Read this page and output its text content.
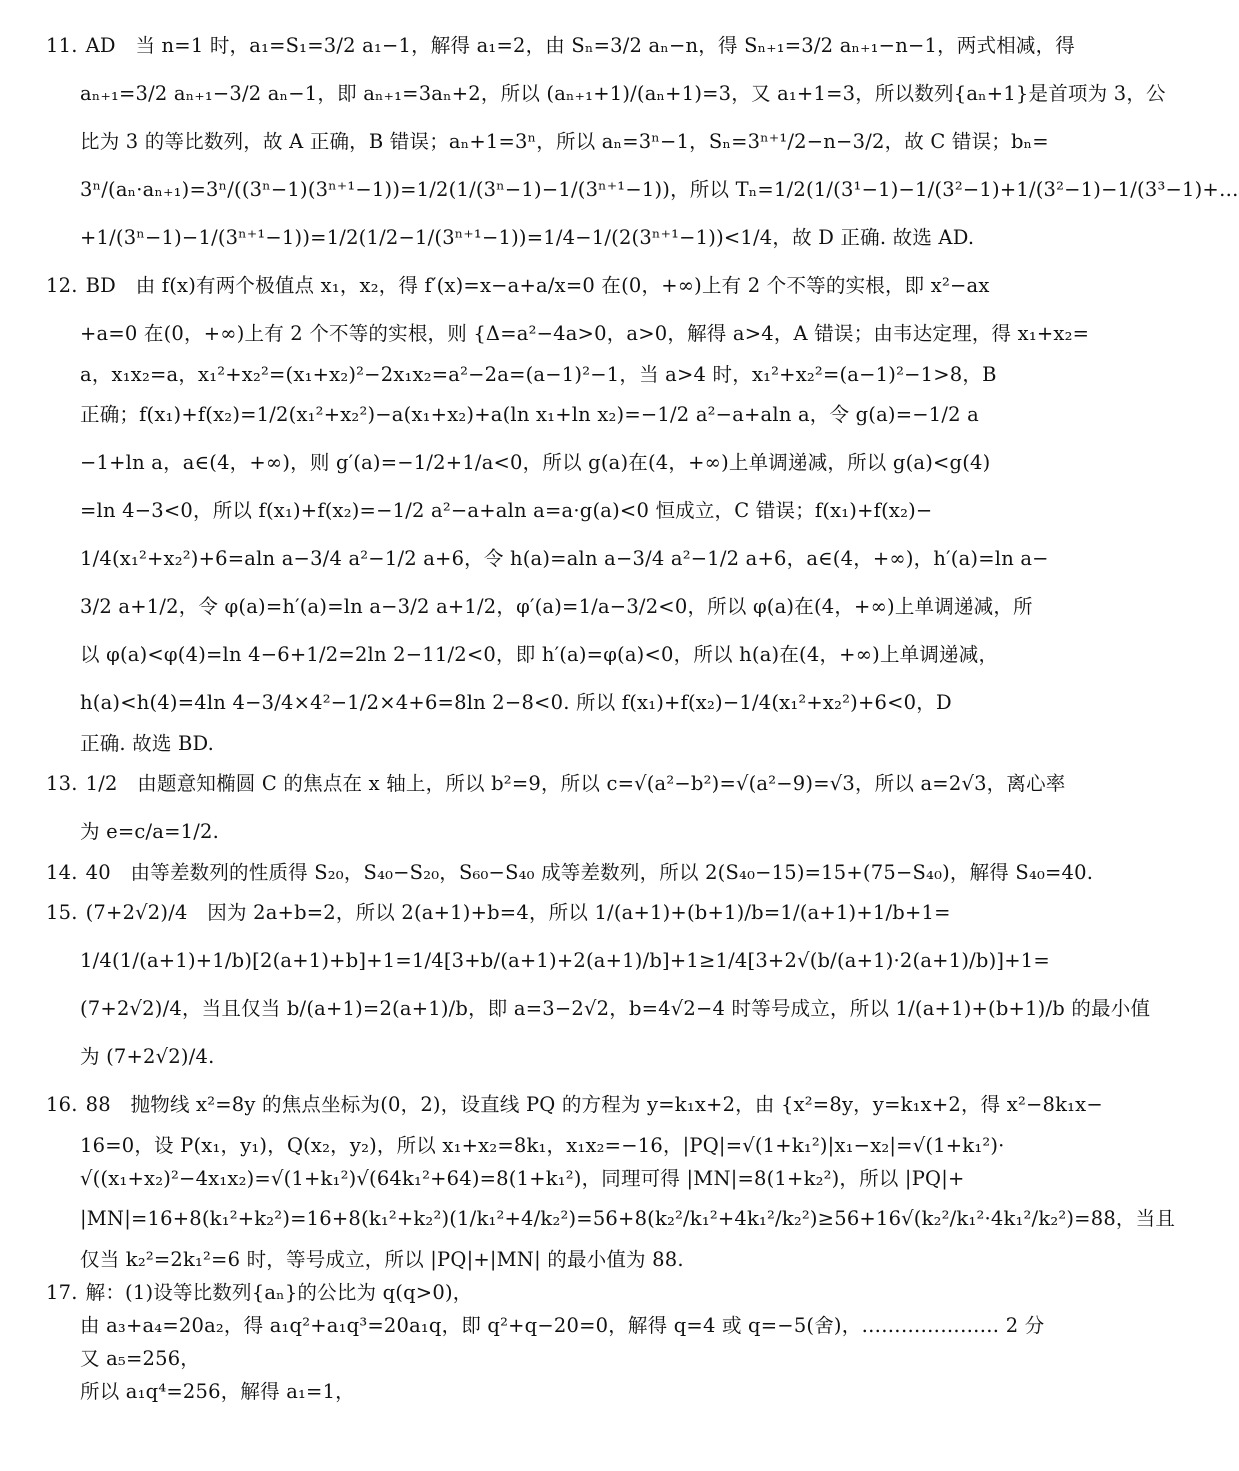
11. AD　当 n=1 时，a₁=S₁=3/2 a₁−1，解得 a₁=2，由 Sₙ=3/2 aₙ−n，得 Sₙ₊₁=3/2 aₙ₊₁−n−1，两式相减，得
aₙ₊₁=3/2 aₙ₊₁−3/2 aₙ−1，即 aₙ₊₁=3aₙ+2，所以 (aₙ₊₁+1)/(aₙ+1)=3，又 a₁+1=3，所以数列{aₙ+1}是首项为 3，公
比为 3 的等比数列，故 A 正确，B 错误；aₙ+1=3ⁿ，所以 aₙ=3ⁿ−1，Sₙ=3ⁿ⁺¹/2−n−3/2，故 C 错误；bₙ=
3ⁿ/(aₙ·aₙ₊₁)=3ⁿ/((3ⁿ−1)(3ⁿ⁺¹−1))=1/2(1/(3ⁿ−1)−1/(3ⁿ⁺¹−1))，所以 Tₙ=1/2(1/(3¹−1)−1/(3²−1)+1/(3²−1)−1/(3³−1)+…
+1/(3ⁿ−1)−1/(3ⁿ⁺¹−1))=1/2(1/2−1/(3ⁿ⁺¹−1))=1/4−1/(2(3ⁿ⁺¹−1))<1/4，故 D 正确. 故选 AD.
12. BD　由 f(x)有两个极值点 x₁，x₂，得 f′(x)=x−a+a/x=0 在(0，+∞)上有 2 个不等的实根，即 x²−ax
+a=0 在(0，+∞)上有 2 个不等的实根，则 {Δ=a²−4a>0，a>0，解得 a>4，A 错误；由韦达定理，得 x₁+x₂=
a，x₁x₂=a，x₁²+x₂²=(x₁+x₂)²−2x₁x₂=a²−2a=(a−1)²−1，当 a>4 时，x₁²+x₂²=(a−1)²−1>8，B
正确；f(x₁)+f(x₂)=1/2(x₁²+x₂²)−a(x₁+x₂)+a(ln x₁+ln x₂)=−1/2 a²−a+aln a，令 g(a)=−1/2 a
−1+ln a，a∈(4，+∞)，则 g′(a)=−1/2+1/a<0，所以 g(a)在(4，+∞)上单调递减，所以 g(a)<g(4)
=ln 4−3<0，所以 f(x₁)+f(x₂)=−1/2 a²−a+aln a=a·g(a)<0 恒成立，C 错误；f(x₁)+f(x₂)−
1/4(x₁²+x₂²)+6=aln a−3/4 a²−1/2 a+6，令 h(a)=aln a−3/4 a²−1/2 a+6，a∈(4，+∞)，h′(a)=ln a−
3/2 a+1/2，令 φ(a)=h′(a)=ln a−3/2 a+1/2，φ′(a)=1/a−3/2<0，所以 φ(a)在(4，+∞)上单调递减，所
以 φ(a)<φ(4)=ln 4−6+1/2=2ln 2−11/2<0，即 h′(a)=φ(a)<0，所以 h(a)在(4，+∞)上单调递减，
h(a)<h(4)=4ln 4−3/4×4²−1/2×4+6=8ln 2−8<0. 所以 f(x₁)+f(x₂)−1/4(x₁²+x₂²)+6<0，D
正确. 故选 BD.
13. 1/2　由题意知椭圆 C 的焦点在 x 轴上，所以 b²=9，所以 c=√(a²−b²)=√(a²−9)=√3，所以 a=2√3，离心率
为 e=c/a=1/2.
14. 40　由等差数列的性质得 S₂₀，S₄₀−S₂₀，S₆₀−S₄₀ 成等差数列，所以 2(S₄₀−15)=15+(75−S₄₀)，解得 S₄₀=40.
15. (7+2√2)/4　因为 2a+b=2，所以 2(a+1)+b=4，所以 1/(a+1)+(b+1)/b=1/(a+1)+1/b+1=
1/4(1/(a+1)+1/b)[2(a+1)+b]+1=1/4[3+b/(a+1)+2(a+1)/b]+1≥1/4[3+2√(b/(a+1)·2(a+1)/b)]+1=
(7+2√2)/4，当且仅当 b/(a+1)=2(a+1)/b，即 a=3−2√2，b=4√2−4 时等号成立，所以 1/(a+1)+(b+1)/b 的最小值
为 (7+2√2)/4.
16. 88　抛物线 x²=8y 的焦点坐标为(0，2)，设直线 PQ 的方程为 y=k₁x+2，由 {x²=8y，y=k₁x+2，得 x²−8k₁x−
16=0，设 P(x₁，y₁)，Q(x₂，y₂)，所以 x₁+x₂=8k₁，x₁x₂=−16，|PQ|=√(1+k₁²)|x₁−x₂|=√(1+k₁²)·
√((x₁+x₂)²−4x₁x₂)=√(1+k₁²)√(64k₁²+64)=8(1+k₁²)，同理可得 |MN|=8(1+k₂²)，所以 |PQ|+
|MN|=16+8(k₁²+k₂²)=16+8(k₁²+k₂²)(1/k₁²+4/k₂²)=56+8(k₂²/k₁²+4k₁²/k₂²)≥56+16√(k₂²/k₁²·4k₁²/k₂²)=88，当且
仅当 k₂²=2k₁²=6 时，等号成立，所以 |PQ|+|MN| 的最小值为 88.
17. 解：(1)设等比数列{aₙ}的公比为 q(q>0)，
由 a₃+a₄=20a₂，得 a₁q²+a₁q³=20a₁q，即 q²+q−20=0，解得 q=4 或 q=−5(舍)，………………… 2 分
又 a₅=256，
所以 a₁q⁴=256，解得 a₁=1，
